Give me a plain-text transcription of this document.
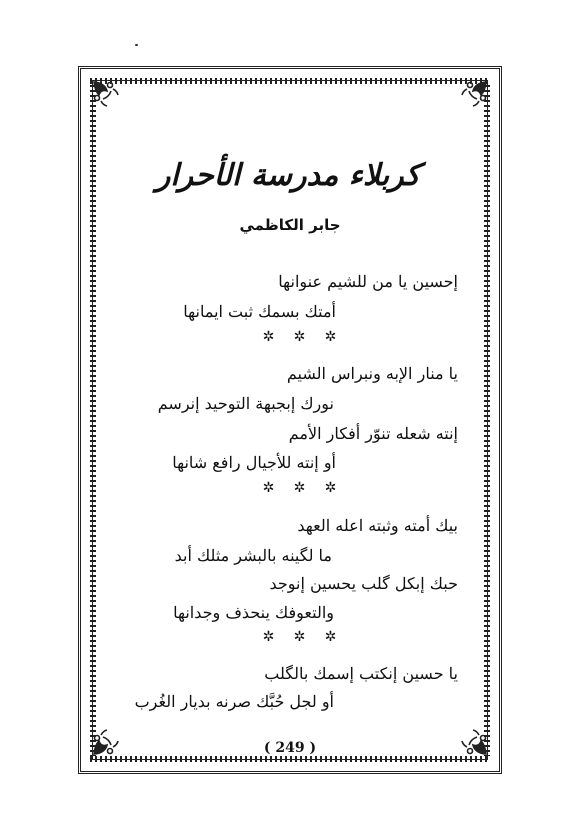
كربلاء مدرسة الأحرار
جابر الكاظمي
إحسين يا من للشيم عنوانها
أمتك بسمك ثبت ايمانها
✲ ✲ ✲
يا منار الإبه ونبراس الشيم
نورك إبجبهة التوحيد إنرسم
إنته شعله تنوّر أفكار الأمم
أو إنته للأجيال رافع شانها
✲ ✲ ✲
بيك أمته وثبته اعله العهد
ما لگينه بالبشر مثلك أبد
حبك إبكل گلب يحسين إنوجد
والتعوفك ينحذف وجدانها
✲ ✲ ✲
يا حسين إنكتب إسمك بالگلب
أو لجل حُبَّك صرنه بديار الغُرب
( 249 )
